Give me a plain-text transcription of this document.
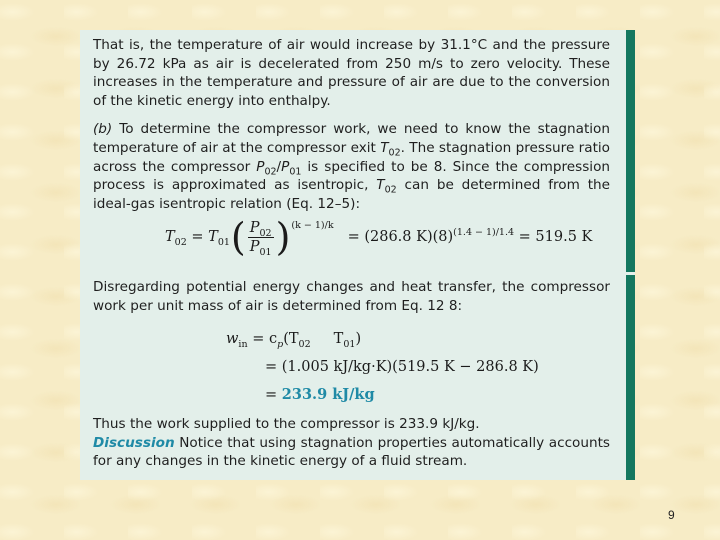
That is, the temperature of air would increase by 31.1°C and the pressure by 26.72 kPa as air is decelerated from 250 m/s to zero velocity. These increases in the temperature and pressure of air are due to the conversion of the kinetic energy into enthalpy.

(b) To determine the compressor work, we need to know the stagnation temperature of air at the compressor exit $T_{02}$. The stagnation pressure ratio across the compressor $P_{02}/P_{01}$ is specified to be 8. Since the compression process is approximated as isentropic, $T_{02}$ can be determined from the ideal-gas isentropic relation (Eq. 12–5):

$T_{02} = T_{01}$ ( $\frac{P_{02}}{P_{01}}$ ) (k − 1)/k
= (286.8 $K)(8)^{(1.4 - 1)/1.4} = 519.5$ K

Disregarding potential energy changes and heat transfer, the compressor work per unit mass of air is determined from Eq. 12 8:

$w_{in} = c_p(T_{02}$     $T_{01}$)
= (1.005 kJ/kg·K)(519.5 K − 286.8 K)
= 233.9 kJ/kg

Thus the work supplied to the compressor is 233.9 kJ/kg.

Discussion Notice that using stagnation properties automatically accounts for any changes in the kinetic energy of a fluid stream.

9
